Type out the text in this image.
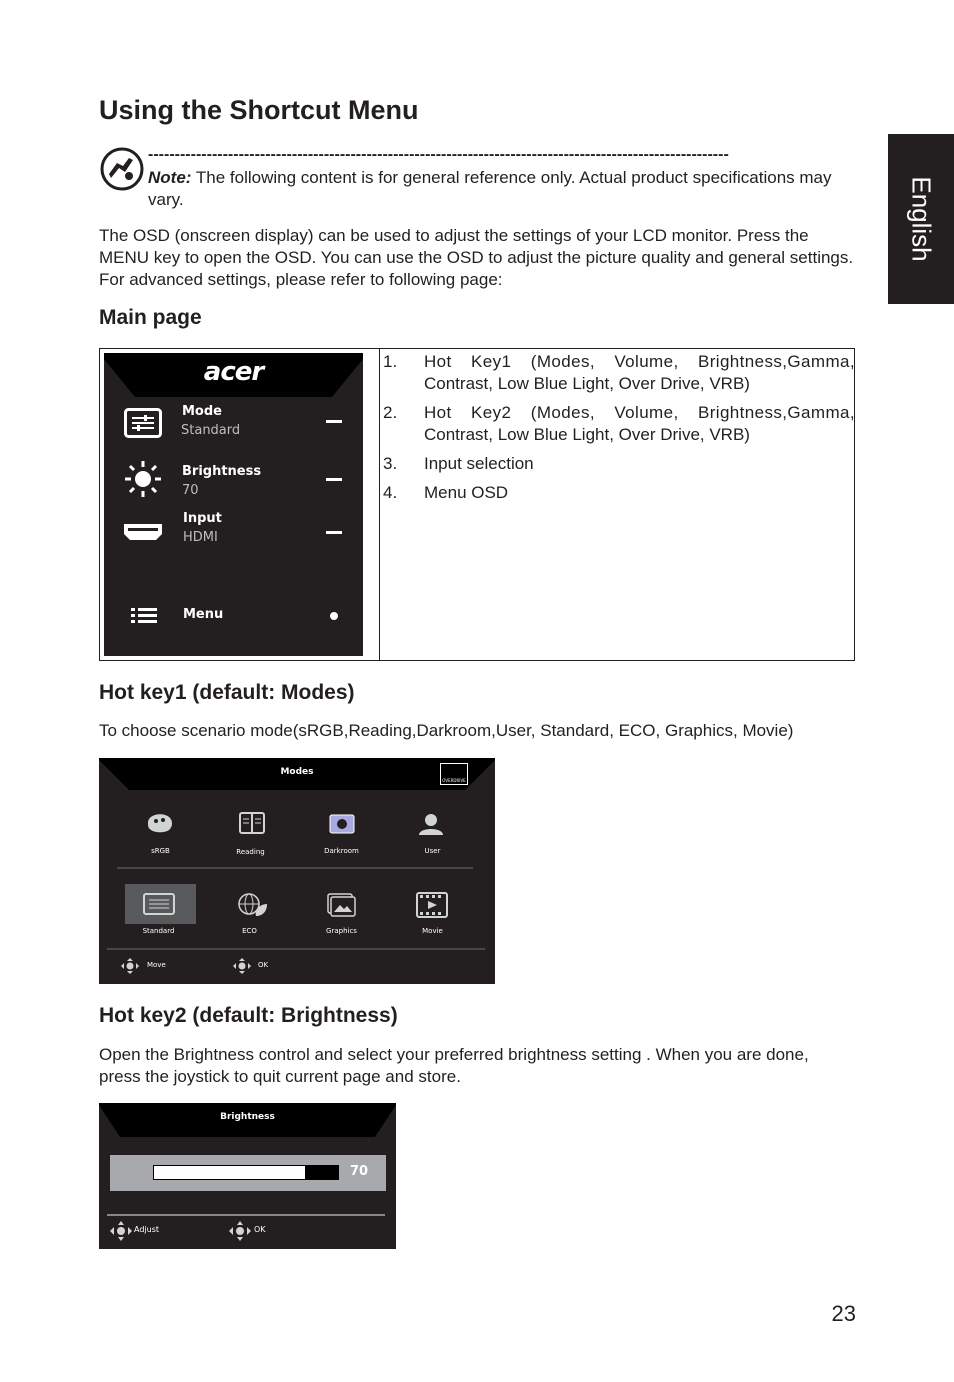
English
Using the Shortcut Menu
-------------------------------------------------------------------------------------------------------------
Note: The following content is for general reference only. Actual product specifications may vary.
The OSD (onscreen display) can be used to adjust the settings of your LCD monitor. Press the MENU key to open the OSD. You can use the OSD to adjust the picture quality and general settings. For advanced settings, please refer to following page:
Main page
acer
Mode
Standard
Brightness
70
Input
HDMI
Menu
1. Hot Key1 (Modes, Volume, Brightness,Gamma,
Contrast, Low Blue Light, Over Drive, VRB)
2. Hot Key2 (Modes, Volume, Brightness,Gamma,
Contrast, Low Blue Light, Over Drive, VRB)
3. Input selection
4. Menu OSD
Hot key1 (default: Modes)
To choose scenario mode(sRGB,Reading,Darkroom,User, Standard, ECO, Graphics, Movie)
Modes
OVERDRIVE
sRGB	Reading	Darkroom	User
Standard	ECO	Graphics	Movie
Move	OK
Hot key2 (default: Brightness)
Open the Brightness control and select your preferred brightness setting . When you are done, press the joystick to quit current page and store.
Brightness
70
Adjust	OK
23
